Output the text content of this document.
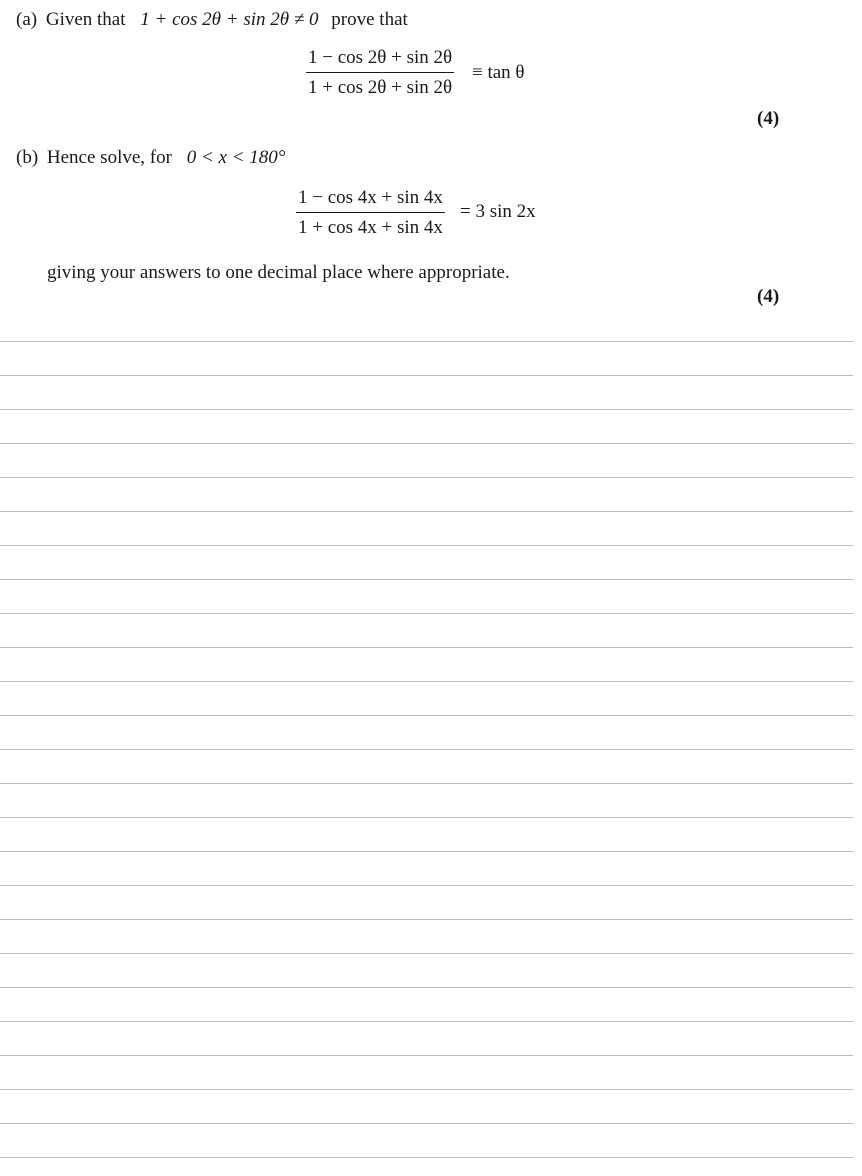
(a) Given that 1 + cos 2θ + sin 2θ ≠ 0 prove that
1 − cos 2θ + sin 2θ
1 + cos 2θ + sin 2θ
≡ tan θ
(4)
(b) Hence solve, for 0 < x < 180°
1 − cos 4x + sin 4x
1 + cos 4x + sin 4x
= 3 sin 2x
giving your answers to one decimal place where appropriate.
(4)
